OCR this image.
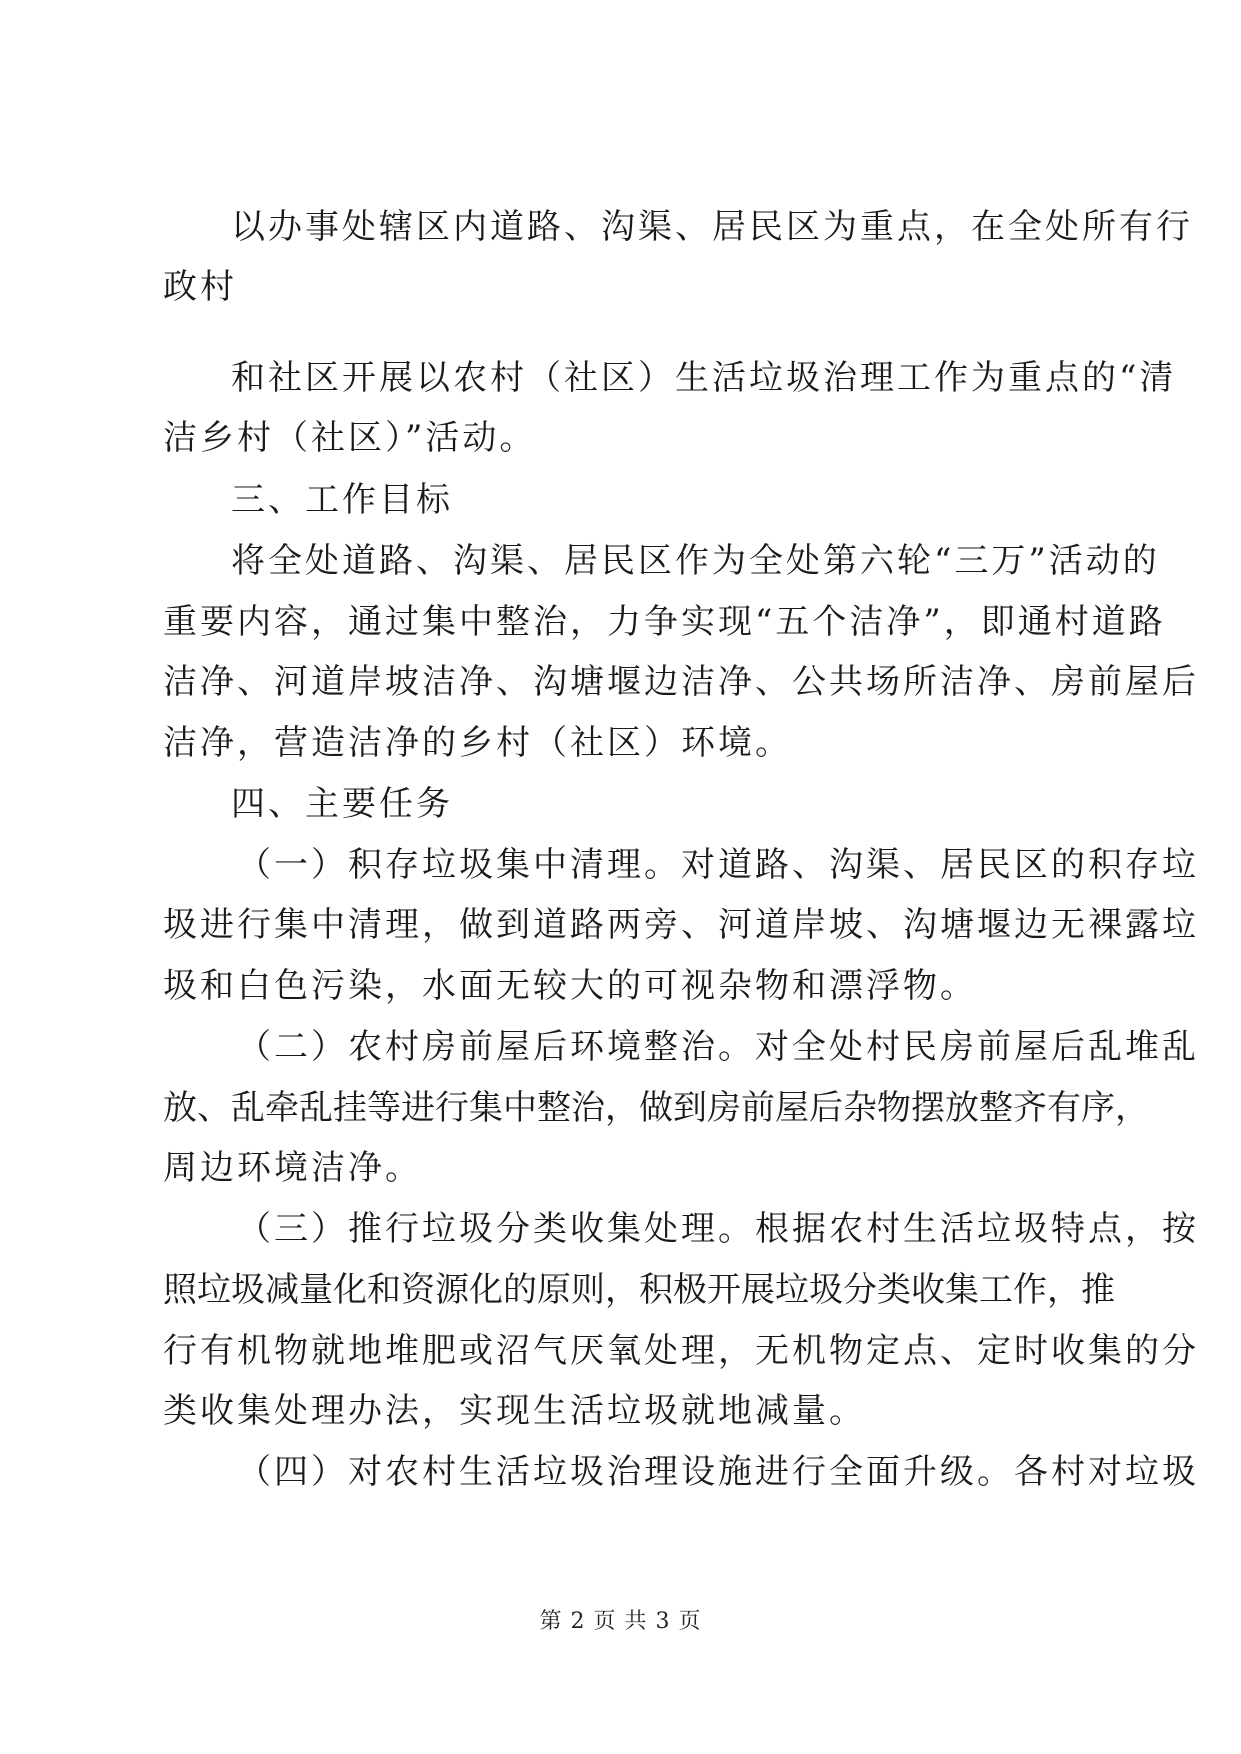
以办事处辖区内道路、沟渠、居民区为重点，在全处所有行

政村

和社区开展以农村（社区）生活垃圾治理工作为重点的“清

洁乡村（社区）”活动。

三、工作目标

将全处道路、沟渠、居民区作为全处第六轮“三万”活动的

重要内容，通过集中整治，力争实现“五个洁净”，即通村道路

洁净、河道岸坡洁净、沟塘堰边洁净、公共场所洁净、房前屋后

洁净，营造洁净的乡村（社区）环境。

四、主要任务

（一）积存垃圾集中清理。对道路、沟渠、居民区的积存垃

圾进行集中清理，做到道路两旁、河道岸坡、沟塘堰边无裸露垃

圾和白色污染，水面无较大的可视杂物和漂浮物。

（二）农村房前屋后环境整治。对全处村民房前屋后乱堆乱

放、乱牵乱挂等进行集中整治，做到房前屋后杂物摆放整齐有序，

周边环境洁净。

（三）推行垃圾分类收集处理。根据农村生活垃圾特点，按

照垃圾减量化和资源化的原则，积极开展垃圾分类收集工作，推

行有机物就地堆肥或沼气厌氧处理，无机物定点、定时收集的分

类收集处理办法，实现生活垃圾就地减量。

（四）对农村生活垃圾治理设施进行全面升级。各村对垃圾

第 2 页 共 3 页
